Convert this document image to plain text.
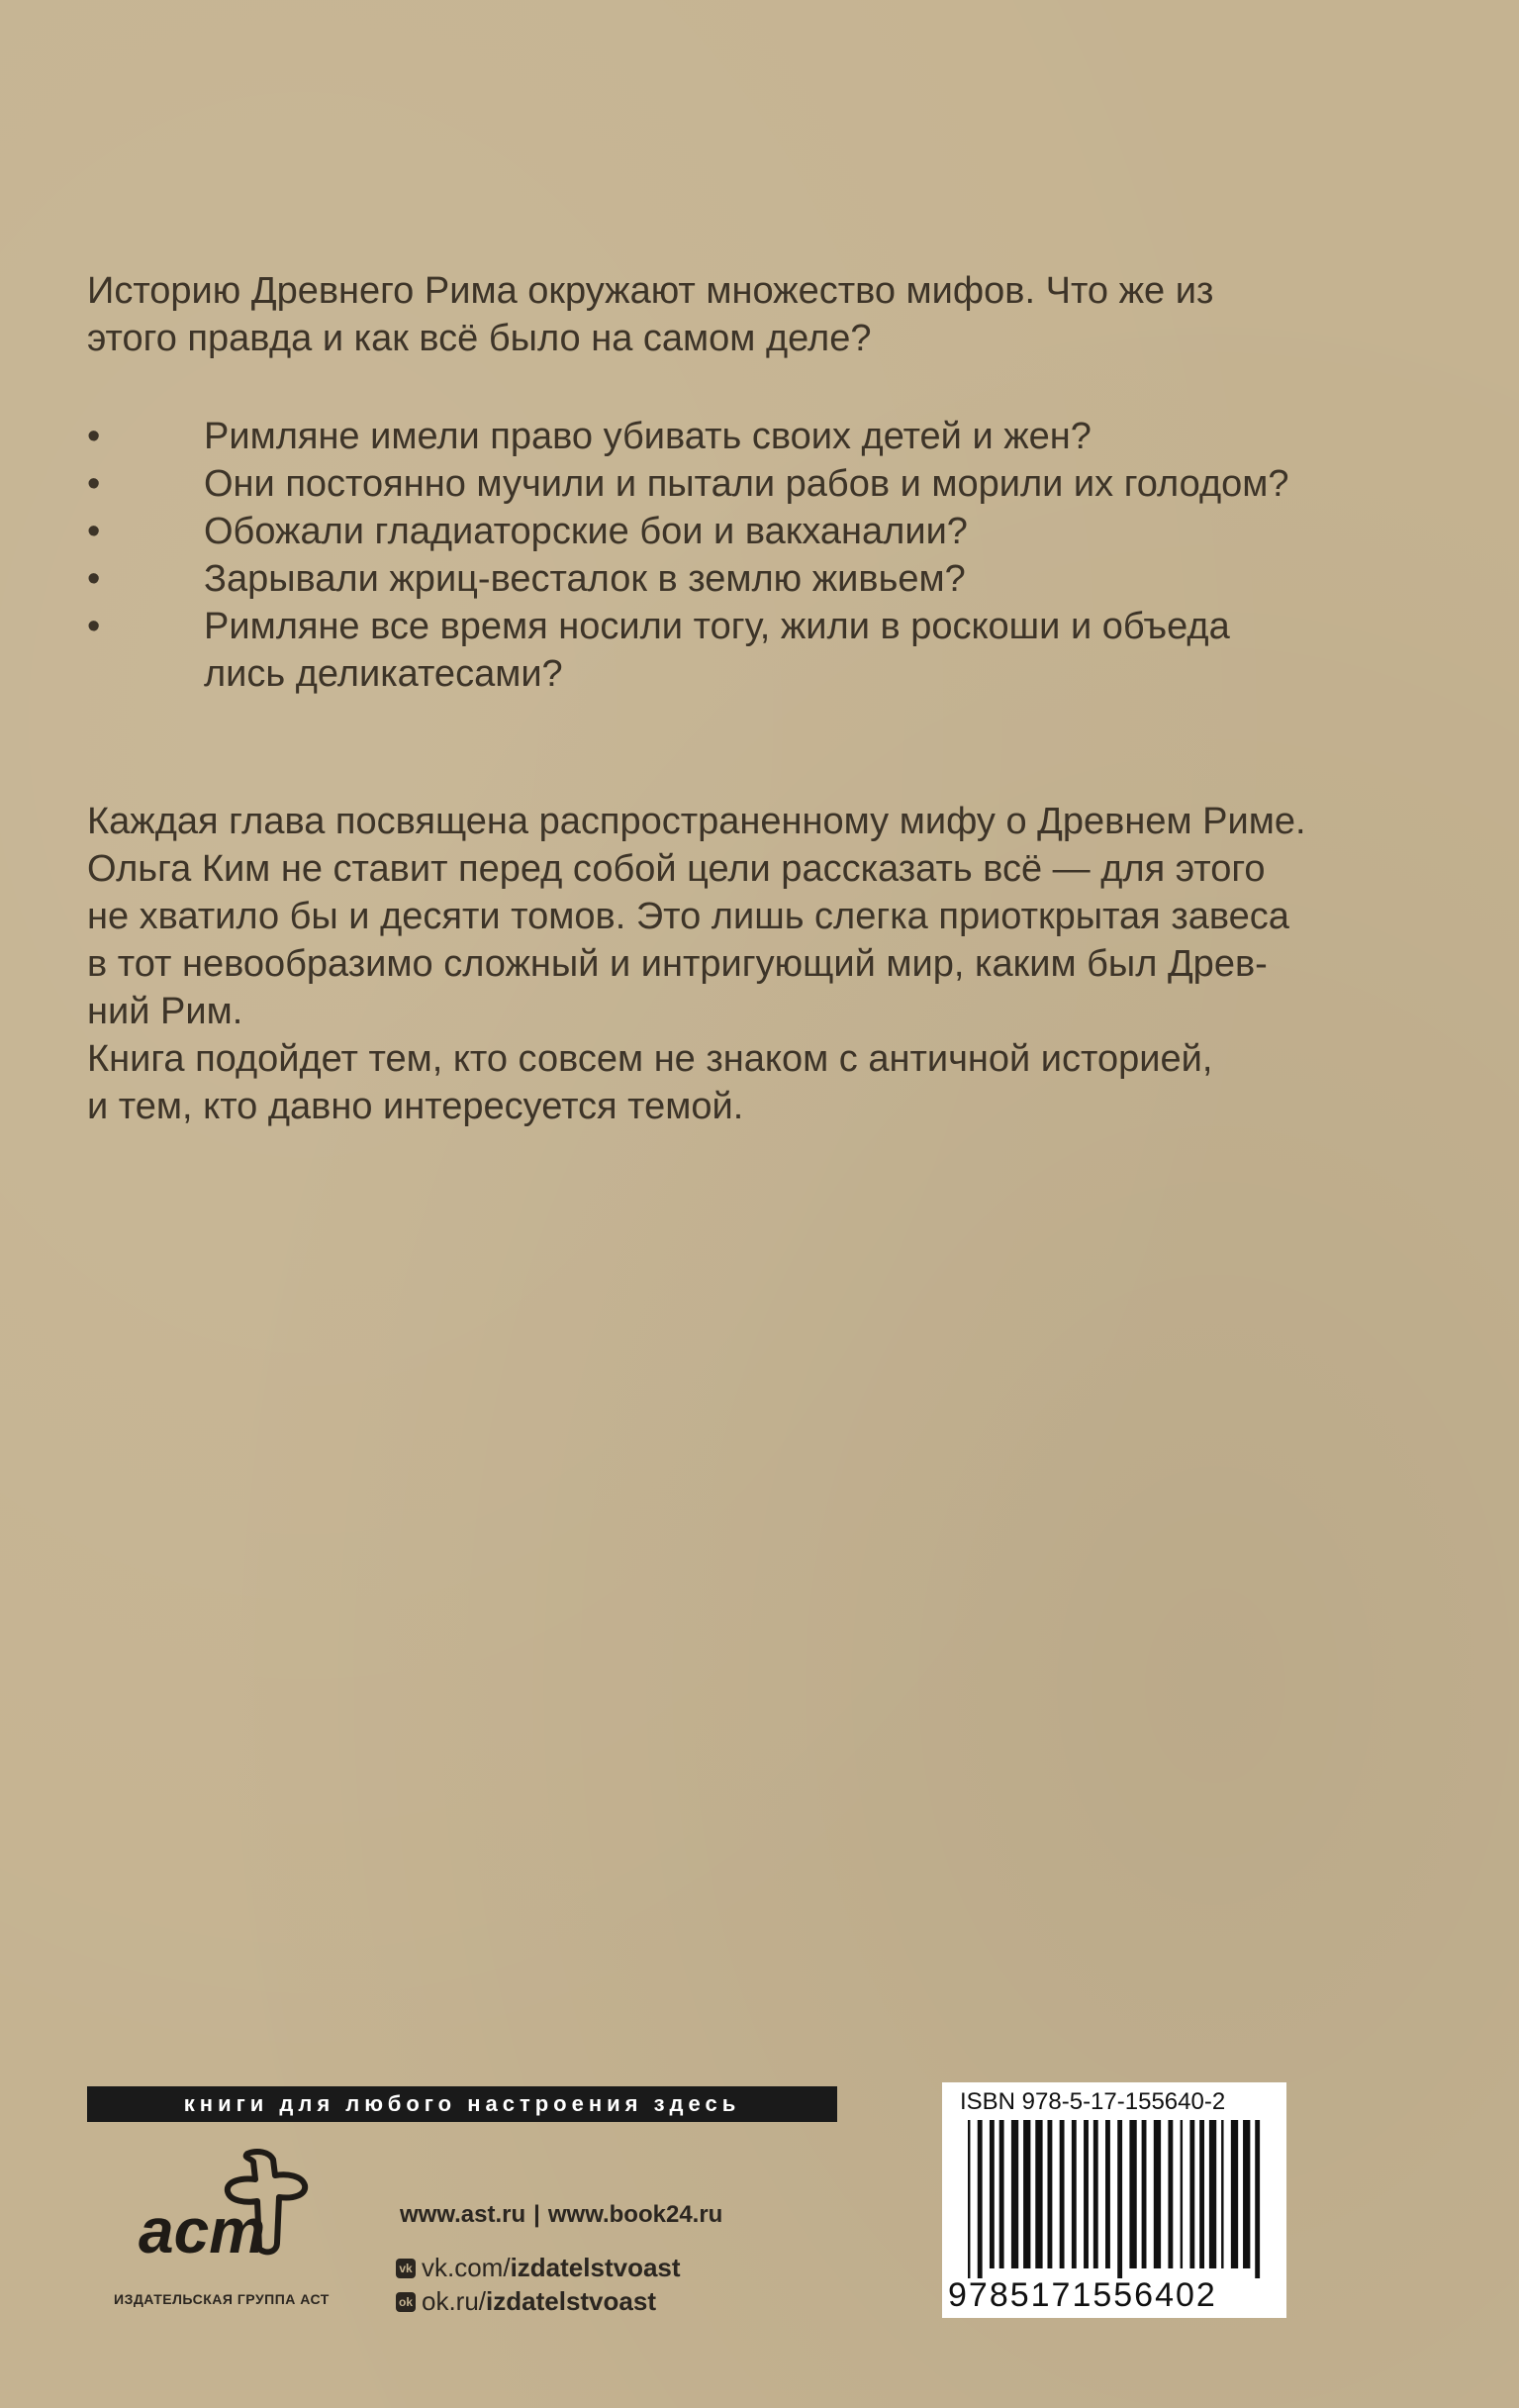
Историю Древнего Рима окружают множество мифов. Что же из

этого правда и как всё было на самом деле?

•	Римляне имели право убивать своих детей и жен?
•	Они постоянно мучили и пытали рабов и морили их голодом?
•	Обожали гладиаторские бои и вакханалии?
•	Зарывали жриц-весталок в землю живьем?
•	Римляне все время носили тогу, жили в роскоши и объеда
лись деликатесами?
Каждая глава посвящена распространенному мифу о Древнем Риме.
Ольга Ким не ставит перед собой цели рассказать всё — для этого
не хватило бы и десяти томов. Это лишь слегка приоткрытая завеса
в тот невообразимо сложный и интригующий мир, каким был Древ-
ний Рим.
Книга подойдет тем, кто совсем не знаком с античной историей,
и тем, кто давно интересуется темой.
книги для любого настроения здесь
аст
ИЗДАТЕЛЬСКАЯ ГРУППА АСТ
www.ast.ru | www.book24.ru
vk vk.com/ izdatelstvoast
ok ok.ru/ izdatelstvoast
ISBN 978-5-17-155640-2
9785171556402
